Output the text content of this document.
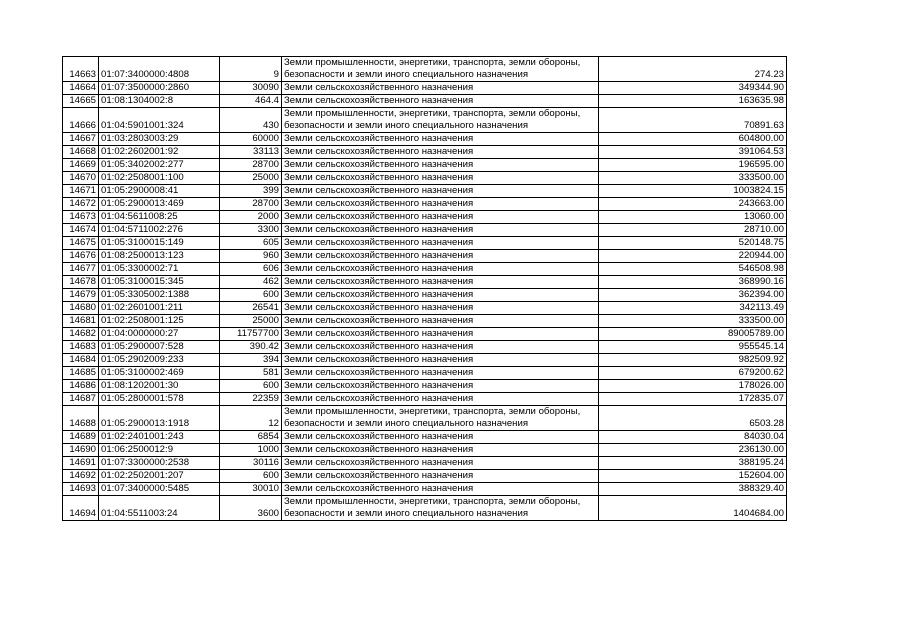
14663	01:07:3400000:4808	9	Земли промышленности, энергетики, транспорта, земли обороны, безопасности и земли иного специального назначения	274.23
14664	01:07:3500000:2860	30090	Земли сельскохозяйственного назначения	349344.90
14665	01:08:1304002:8	464.4	Земли сельскохозяйственного назначения	163635.98
14666	01:04:5901001:324	430	Земли промышленности, энергетики, транспорта, земли обороны, безопасности и земли иного специального назначения	70891.63
14667	01:03:2803003:29	60000	Земли сельскохозяйственного назначения	604800.00
14668	01:02:2602001:92	33113	Земли сельскохозяйственного назначения	391064.53
14669	01:05:3402002:277	28700	Земли сельскохозяйственного назначения	196595.00
14670	01:02:2508001:100	25000	Земли сельскохозяйственного назначения	333500.00
14671	01:05:2900008:41	399	Земли сельскохозяйственного назначения	1003824.15
14672	01:05:2900013:469	28700	Земли сельскохозяйственного назначения	243663.00
14673	01:04:5611008:25	2000	Земли сельскохозяйственного назначения	13060.00
14674	01:04:5711002:276	3300	Земли сельскохозяйственного назначения	28710.00
14675	01:05:3100015:149	605	Земли сельскохозяйственного назначения	520148.75
14676	01:08:2500013:123	960	Земли сельскохозяйственного назначения	220944.00
14677	01:05:3300002:71	606	Земли сельскохозяйственного назначения	546508.98
14678	01:05:3100015:345	462	Земли сельскохозяйственного назначения	368990.16
14679	01:05:3305002:1388	600	Земли сельскохозяйственного назначения	362394.00
14680	01:02:2601001:211	26541	Земли сельскохозяйственного назначения	342113.49
14681	01:02:2508001:125	25000	Земли сельскохозяйственного назначения	333500.00
14682	01:04:0000000:27	11757700	Земли сельскохозяйственного назначения	89005789.00
14683	01:05:2900007:528	390.42	Земли сельскохозяйственного назначения	955545.14
14684	01:05:2902009:233	394	Земли сельскохозяйственного назначения	982509.92
14685	01:05:3100002:469	581	Земли сельскохозяйственного назначения	679200.62
14686	01:08:1202001:30	600	Земли сельскохозяйственного назначения	178026.00
14687	01:05:2800001:578	22359	Земли сельскохозяйственного назначения	172835.07
14688	01:05:2900013:1918	12	Земли промышленности, энергетики, транспорта, земли обороны, безопасности и земли иного специального назначения	6503.28
14689	01:02:2401001:243	6854	Земли сельскохозяйственного назначения	84030.04
14690	01:06:2500012:9	1000	Земли сельскохозяйственного назначения	236130.00
14691	01:07:3300000:2538	30116	Земли сельскохозяйственного назначения	388195.24
14692	01:02:2502001:207	600	Земли сельскохозяйственного назначения	152604.00
14693	01:07:3400000:5485	30010	Земли сельскохозяйственного назначения	388329.40
14694	01:04:5511003:24	3600	Земли промышленности, энергетики, транспорта, земли обороны, безопасности и земли иного специального назначения	1404684.00
